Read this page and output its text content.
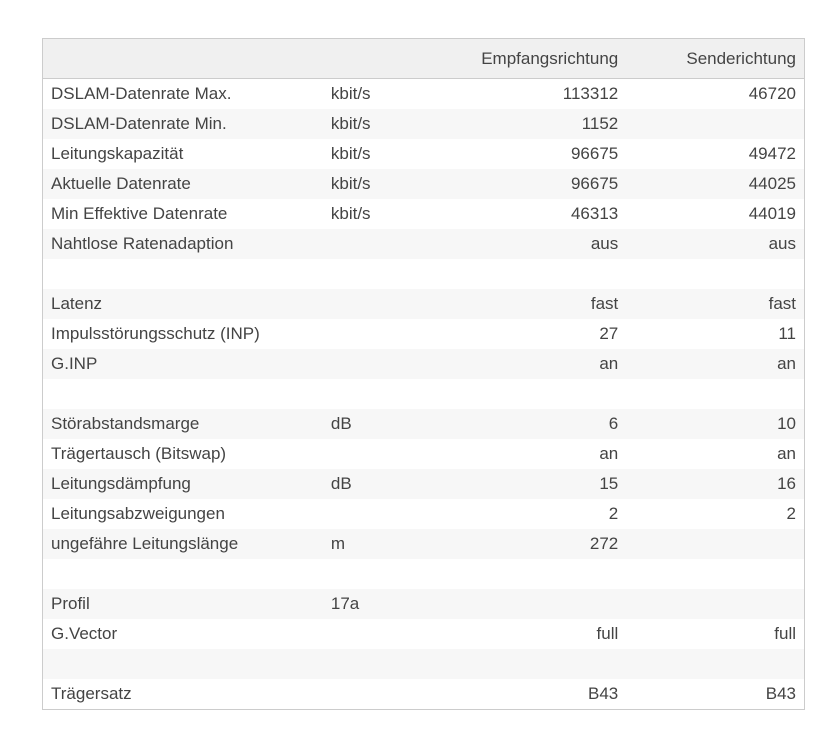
		Empfangsrichtung	Senderichtung
DSLAM-Datenrate Max.	kbit/s	113312	46720
DSLAM-Datenrate Min.	kbit/s	1152	
Leitungskapazität	kbit/s	96675	49472
Aktuelle Datenrate	kbit/s	96675	44025
Min Effektive Datenrate	kbit/s	46313	44019
Nahtlose Ratenadaption		aus	aus

Latenz		fast	fast
Impulsstörungsschutz (INP)		27	11
G.INP		an	an

Störabstandsmarge	dB	6	10
Trägertausch (Bitswap)		an	an
Leitungsdämpfung	dB	15	16
Leitungsabzweigungen		2	2
ungefähre Leitungslänge	m	272	

Profil	17a		
G.Vector		full	full

Trägersatz		B43	B43
